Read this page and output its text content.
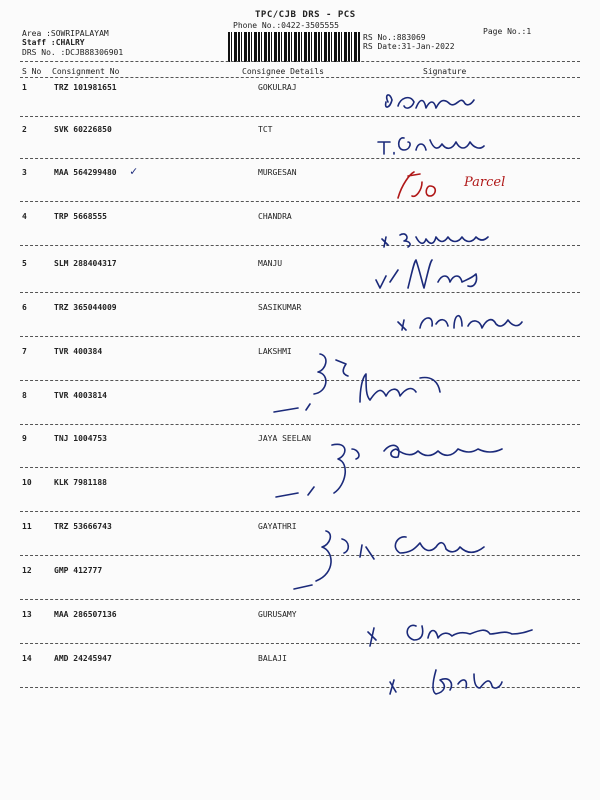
TPC/CJB DRS - PCS
Phone No.:0422-3505555
Page No.:1
Area :SOWRIPALAYAM
Staff :CHALRY
DRS No. :DCJB88306901
RS No.:883069
RS Date:31-Jan-2022
S No Consignment No	Consignee Details	Signature
1	TRZ 101981651	GOKULRAJ
2	SVK 60226850	TCT
3	MAA 564299480	MURGESAN
4	TRP 5668555	CHANDRA
5	SLM 288404317	MANJU
6	TRZ 365044009	SASIKUMAR
7	TVR 400384	LAKSHMI
8	TVR 4003814
9	TNJ 1004753	JAYA SEELAN
10	KLK 7981188
11	TRZ 53666743	GAYATHRI
12	GMP 412777
13	MAA 286507136	GURUSAMY
14	AMD 24245947	BALAJI
✓
Parcel
